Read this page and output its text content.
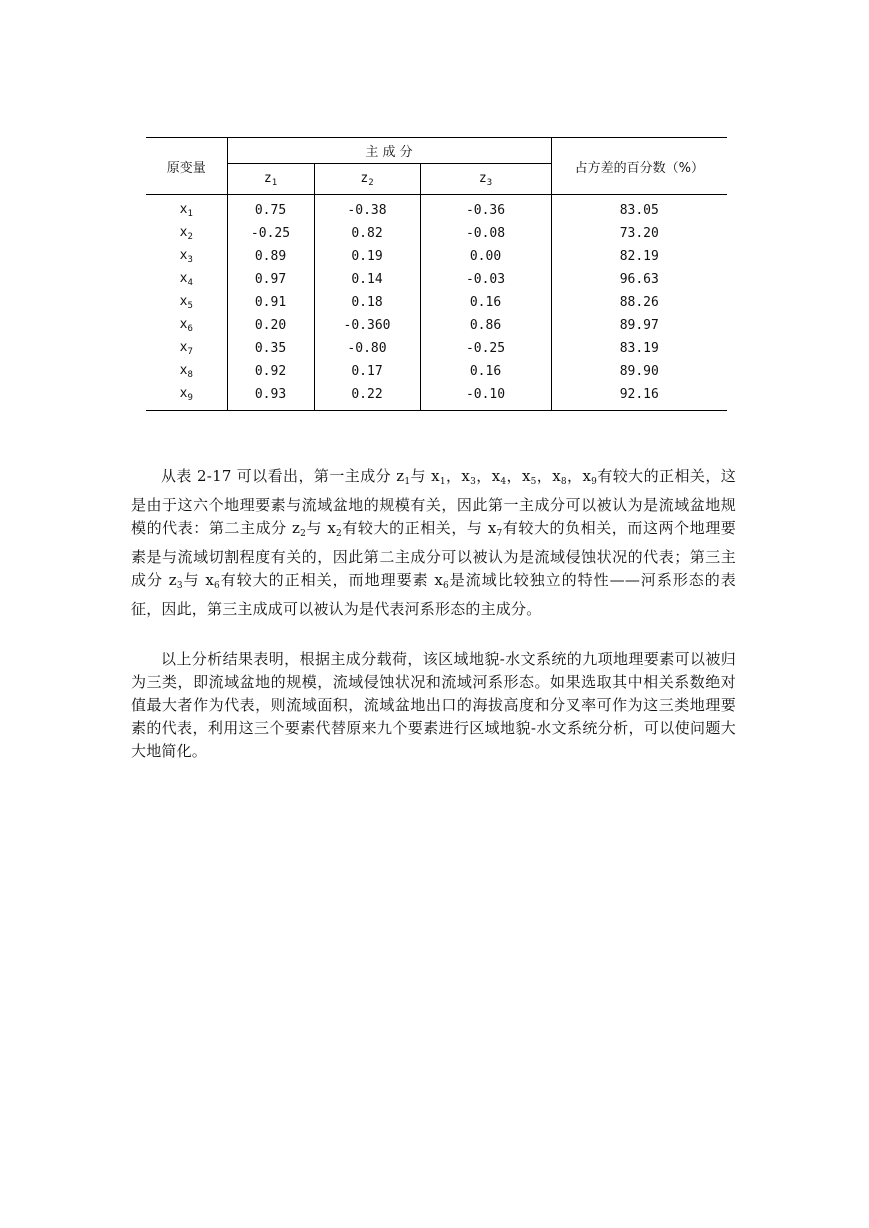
原变量	主 成 分			占方差的百分数（%）
	$z_1$	$z_2$	$z_3$
$x_1$	0.75	-0.38	-0.36	83.05
$x_2$	-0.25	0.82	-0.08	73.20
$x_3$	0.89	0.19	0.00	82.19
$x_4$	0.97	0.14	-0.03	96.63
$x_5$	0.91	0.18	0.16	88.26
$x_6$	0.20	-0.360	0.86	89.97
$x_7$	0.35	-0.80	-0.25	83.19
$x_8$	0.92	0.17	0.16	89.90
$x_9$	0.93	0.22	-0.10	92.16

从表 2-17 可以看出，第一主成分 $z_1$与 $x_1$，$x_3$，$x_4$，$x_5$，$x_8$，$x_9$有较大的正相关，这是由于这六个地理要素与流域盆地的规模有关，因此第一主成分可以被认为是流域盆地规模的代表：第二主成分 $z_2$与 $x_2$有较大的正相关，与 $x_7$有较大的负相关，而这两个地理要素是与流域切割程度有关的，因此第二主成分可以被认为是流域侵蚀状况的代表；第三主成分 $z_3$与 $x_6$有较大的正相关，而地理要素 $x_6$是流域比较独立的特性——河系形态的表征，因此，第三主成成可以被认为是代表河系形态的主成分。

以上分析结果表明，根据主成分载荷，该区域地貌-水文系统的九项地理要素可以被归为三类，即流域盆地的规模，流域侵蚀状况和流域河系形态。如果选取其中相关系数绝对值最大者作为代表，则流域面积，流域盆地出口的海拔高度和分叉率可作为这三类地理要素的代表，利用这三个要素代替原来九个要素进行区域地貌-水文系统分析，可以使问题大大地简化。
